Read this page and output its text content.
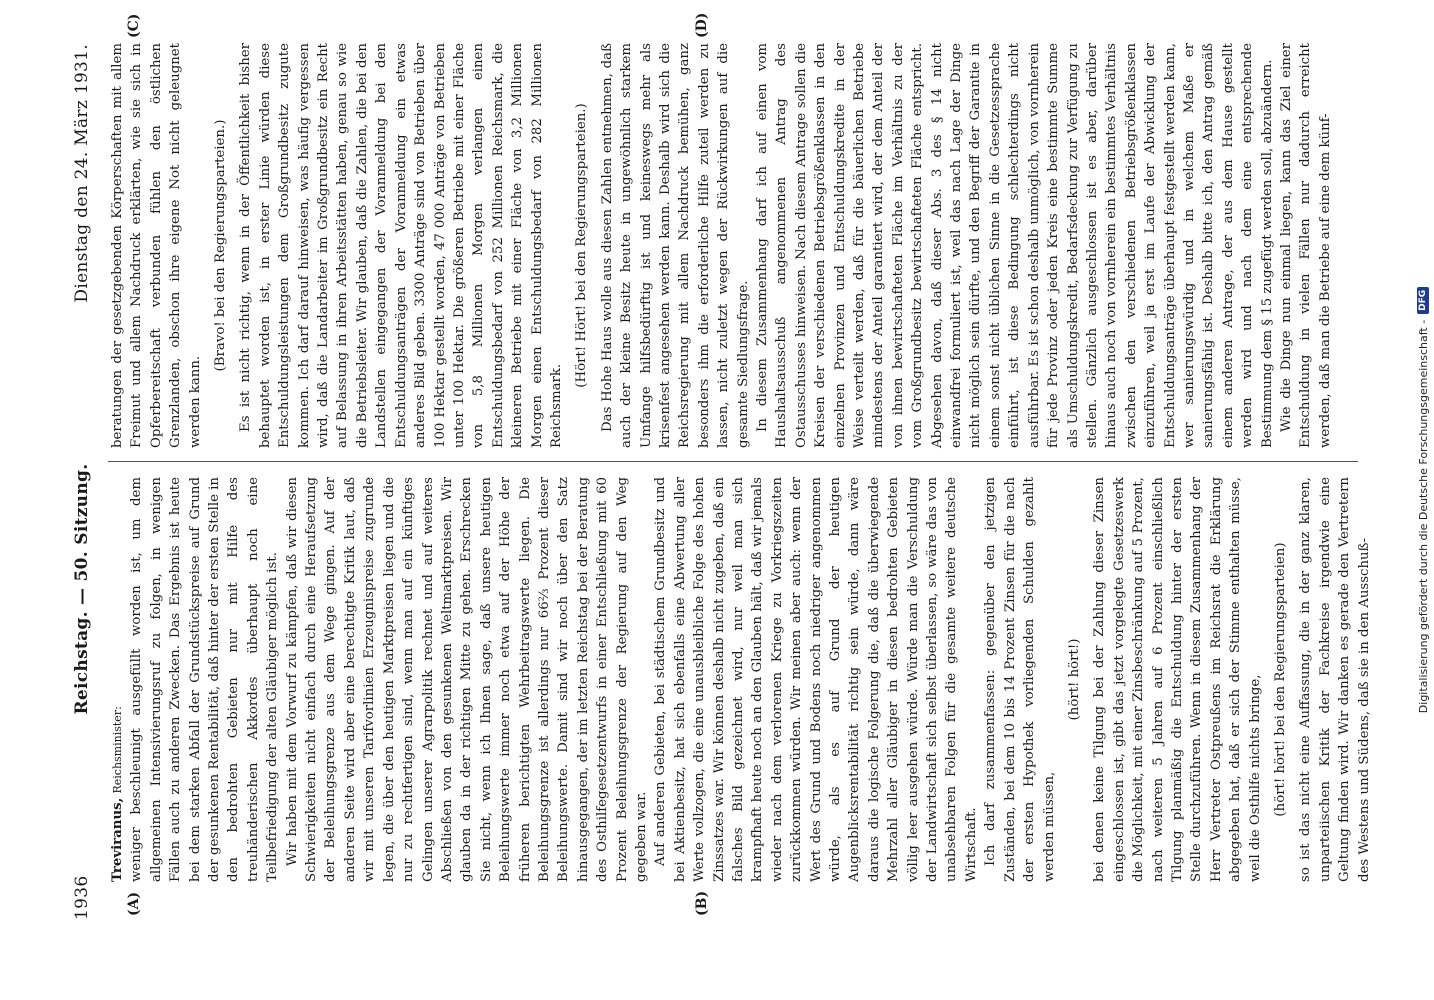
1936
Reichstag. — 50. Sitzung.
Dienstag den 24. März 1931.
(A)	(B)
(C)	(D)

Treviranus, Reichsminister: weniger beschleunigt ausgefüllt worden ist, um dem allgemeinen Intensivierungsruf zu folgen, in wenigen Fällen auch zu anderen Zwecken. Das Ergebnis ist heute bei dem starken Abfall der Grundstückspreise auf Grund der gesunkenen Rentabilität, daß hinter der ersten Stelle in den bedrohten Gebieten nur mit Hilfe des treuhänderischen Akkordes überhaupt noch eine Teilbefriedigung der alten Gläubiger möglich ist. Wir haben mit dem Vorwurf zu kämpfen, daß wir diesen Schwierigkeiten nicht einfach durch eine Heraufsetzung der Beleihungsgrenze aus dem Wege gingen. Auf der anderen Seite wird aber eine berechtigte Kritik laut, daß wir mit unseren Tarifvorlinien Erzeugnispreise zugrunde legen, die über den heutigen Marktpreisen liegen und die nur zu rechtfertigen sind, wenn man auf ein künftiges Gelingen unserer Agrarpolitik rechnet und auf weiteres Abschließen von den gesunkenen Weltmarktpreisen. Wir glauben da in der richtigen Mitte zu gehen. Erschrecken Sie nicht, wenn ich Ihnen sage, daß unsere heutigen Beleihungswerte immer noch etwa auf der Höhe der früheren berichtigten Wehrbeitragswerte liegen. Die Beleihungsgrenze ist allerdings nur 66⅔ Prozent dieser Beleihungswerte. Damit sind wir noch über den Satz hinausgegangen, der im letzten Reichstag bei der Beratung des Osthilfegesetzentwurfs in einer Entschließung mit 60 Prozent Beleihungsgrenze der Regierung auf den Weg gegeben war. Auf anderen Gebieten, bei städtischem Grundbesitz und bei Aktienbesitz, hat sich ebenfalls eine Abwertung aller Werte vollzogen, die eine unausbleibliche Folge des hohen Zinssatzes war. Wir können deshalb nicht zugeben, daß ein falsches Bild gezeichnet wird, nur weil man sich krampfhaft heute noch an den Glauben hält, daß wir jemals wieder nach dem verlorenen Kriege zu Vorkriegszeiten zurückkommen würden. Wir meinen aber auch: wenn der Wert des Grund und Bodens noch niedriger angenommen würde, als es auf Grund der heutigen Augenblicksrentabilität richtig sein würde, dann wäre daraus die logische Folgerung die, daß die überwiegende Mehrzahl aller Gläubiger in diesen bedrohten Gebieten völlig leer ausgehen würde. Würde man die Verschuldung der Landwirtschaft sich selbst überlassen, so wäre das von unabsehbaren Folgen für die gesamte weitere deutsche Wirtschaft. Ich darf zusammenfassen: gegenüber den jetzigen Zuständen, bei dem 10 bis 14 Prozent Zinsen für die nach der ersten Hypothek vorliegenden Schulden gezahlt werden müssen,

(hört! hört!) bei denen keine Tilgung bei der Zahlung dieser Zinsen eingeschlossen ist, gibt das jetzt vorgelegte Gesetzeswerk die Möglichkeit, mit einer Zinsbeschränkung auf 5 Prozent, nach weiteren 5 Jahren auf 6 Prozent einschließlich Tilgung planmäßig die Entschuldung hinter der ersten Stelle durchzuführen. Wenn in diesem Zusammenhang der Herr Vertreter Ostpreußens im Reichsrat die Erklärung abgegeben hat, daß er sich der Stimme enthalten müsse, weil die Osthilfe nichts bringe, (hört! hört! bei den Regierungsparteien) so ist das nicht eine Auffassung, die in der ganz klaren, unparteiischen Kritik der Fachkreise irgendwie eine Geltung finden wird. Wir danken es gerade den Vertretern des Westens und Südens, daß sie in den Ausschuß-

beratungen der gesetzgebenden Körperschaften mit allem Freimut und allem Nachdruck erklärten, wie sie sich in Opferbereitschaft verbunden fühlen den östlichen Grenzlanden, obschon ihre eigene Not nicht geleugnet werden kann.

(Bravo! bei den Regierungsparteien.) Es ist nicht richtig, wenn in der Öffentlichkeit bisher behauptet worden ist, in erster Linie würden diese Entschuldungsleistungen dem Großgrundbesitz zugute kommen. Ich darf darauf hinweisen, was häufig vergessen wird, daß die Landarbeiter im Großgrundbesitz ein Recht auf Belassung in ihren Arbeitsstätten haben, genau so wie die Betriebsleiter. Wir glauben, daß die Zahlen, die bei den Landstellen eingegangen der Voranmeldung bei den Entschuldungsanträgen der Voranmeldung ein etwas anderes Bild geben. 3300 Anträge sind von Betrieben über 100 Hektar gestellt worden, 47 000 Anträge von Betrieben unter 100 Hektar. Die größeren Betriebe mit einer Fläche von 5,8 Millionen Morgen verlangen einen Entschuldungsbedarf von 252 Millionen Reichsmark, die kleineren Betriebe mit einer Fläche von 3,2 Millionen Morgen einen Entschuldungsbedarf von 282 Millionen Reichsmark.

(Hört! Hört! bei den Regierungsparteien.) Das Hohe Haus wolle aus diesen Zahlen entnehmen, daß auch der kleine Besitz heute in ungewöhnlich starkem Umfange hilfsbedürftig ist und keineswegs mehr als krisenfest angesehen werden kann. Deshalb wird sich die Reichsregierung mit allem Nachdruck bemühen, ganz besonders ihm die erforderliche Hilfe zuteil werden zu lassen, nicht zuletzt wegen der Rückwirkungen auf die gesamte Siedlungsfrage. In diesem Zusammenhang darf ich auf einen vom Haushaltsausschuß angenommenen Antrag des Ostausschusses hinweisen. Nach diesem Antrage sollen die Kreisen der verschiedenen Betriebsgrößenklassen in den einzelnen Provinzen und Entschuldungskredite in der Weise verteilt werden, daß für die bäuerlichen Betriebe mindestens der Anteil garantiert wird, der dem Anteil der von ihnen bewirtschafteten Fläche im Verhältnis zu der vom Großgrundbesitz bewirtschafteten Fläche entspricht. Abgesehen davon, daß dieser Abs. 3 des § 14 nicht einwandfrei formuliert ist, weil das nach Lage der Dinge nicht möglich sein dürfte, und den Begriff der Garantie in einem sonst nicht üblichen Sinne in die Gesetzessprache einführt, ist diese Bedingung schlechterdings nicht ausführbar. Es ist schon deshalb unmöglich, von vornherein für jede Provinz oder jeden Kreis eine bestimmte Summe als Umschuldungskredit, Bedarfsdeckung zur Verfügung zu stellen. Gänzlich ausgeschlossen ist es aber, darüber hinaus auch noch von vornherein ein bestimmtes Verhältnis zwischen den verschiedenen Betriebsgrößenklassen einzuführen, weil ja erst im Laufe der Abwicklung der Entschuldungsanträge überhaupt festgestellt werden kann, wer sanierungswürdig und in welchem Maße er sanierungsfähig ist. Deshalb bitte ich, den Antrag gemäß einem anderen Antrage, der aus dem Hause gestellt werden wird und nach dem eine entsprechende Bestimmung dem § 15 zugefügt werden soll, abzuändern. Wie die Dinge nun einmal liegen, kann das Ziel einer Entschuldung in vielen Fällen nur dadurch erreicht werden, daß man die Betriebe auf eine dem künf-

Digitalisierung gefördert durch die Deutsche Forschungsgemeinschaft -
DFG
